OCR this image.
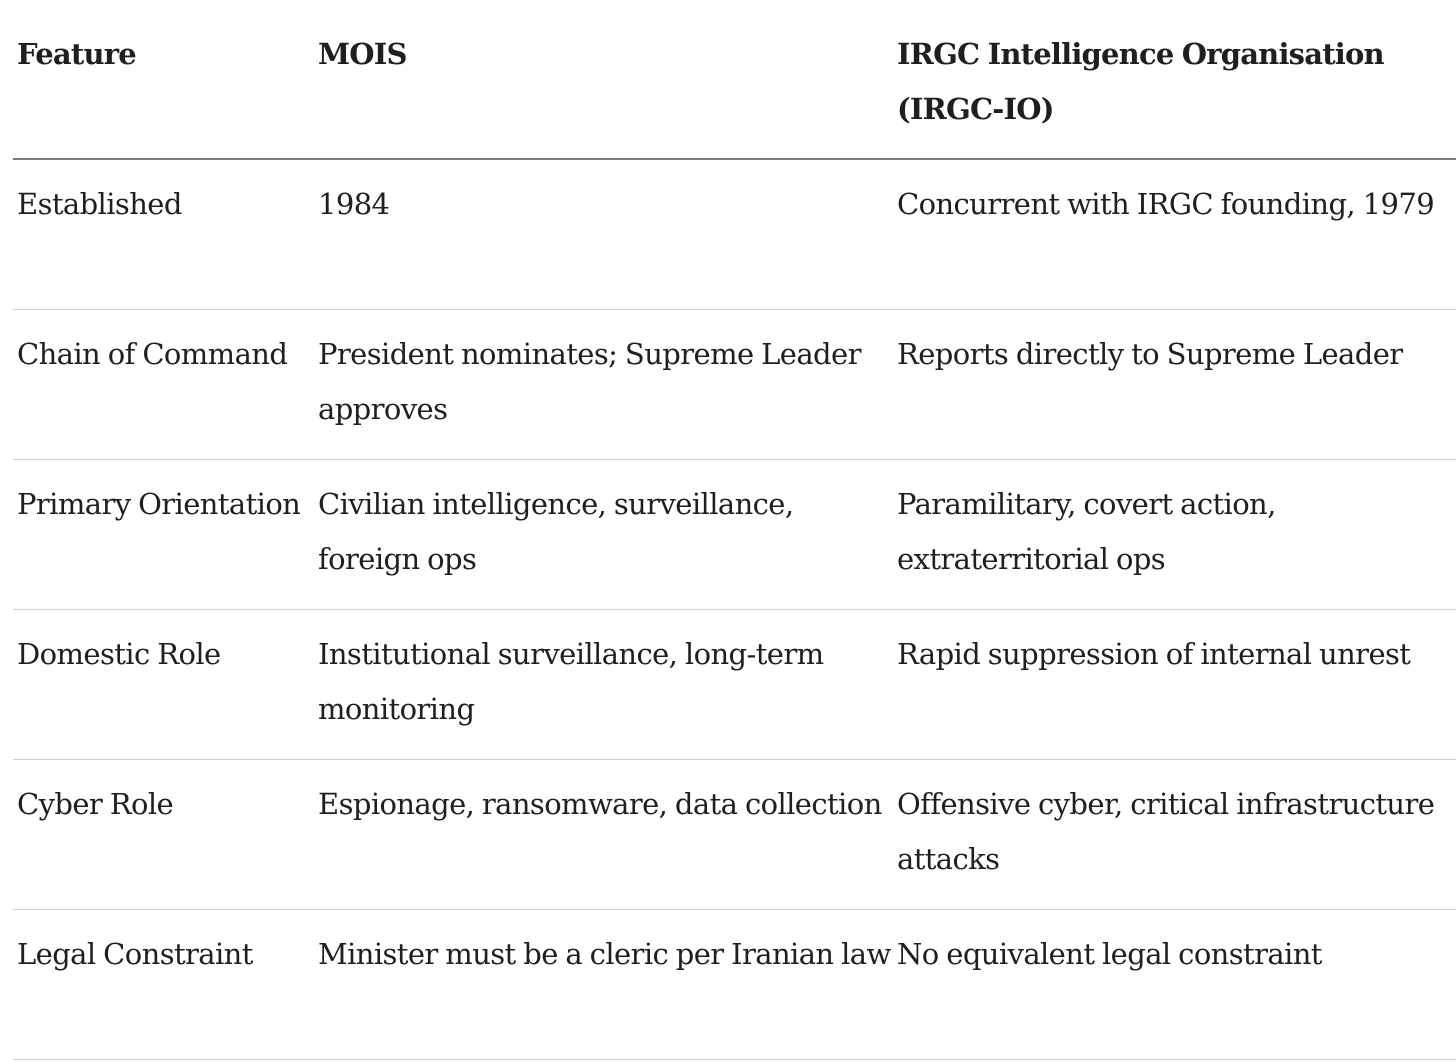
Feature	MOIS	IRGC Intelligence Organisation (IRGC-IO)
Established	1984	Concurrent with IRGC founding, 1979
Chain of Command	President nominates; Supreme Leader approves	Reports directly to Supreme Leader
Primary Orientation	Civilian intelligence, surveillance, foreign ops	Paramilitary, covert action, extraterritorial ops
Domestic Role	Institutional surveillance, long-term monitoring	Rapid suppression of internal unrest
Cyber Role	Espionage, ransomware, data collection	Offensive cyber, critical infrastructure attacks
Legal Constraint	Minister must be a cleric per Iranian law	No equivalent legal constraint
